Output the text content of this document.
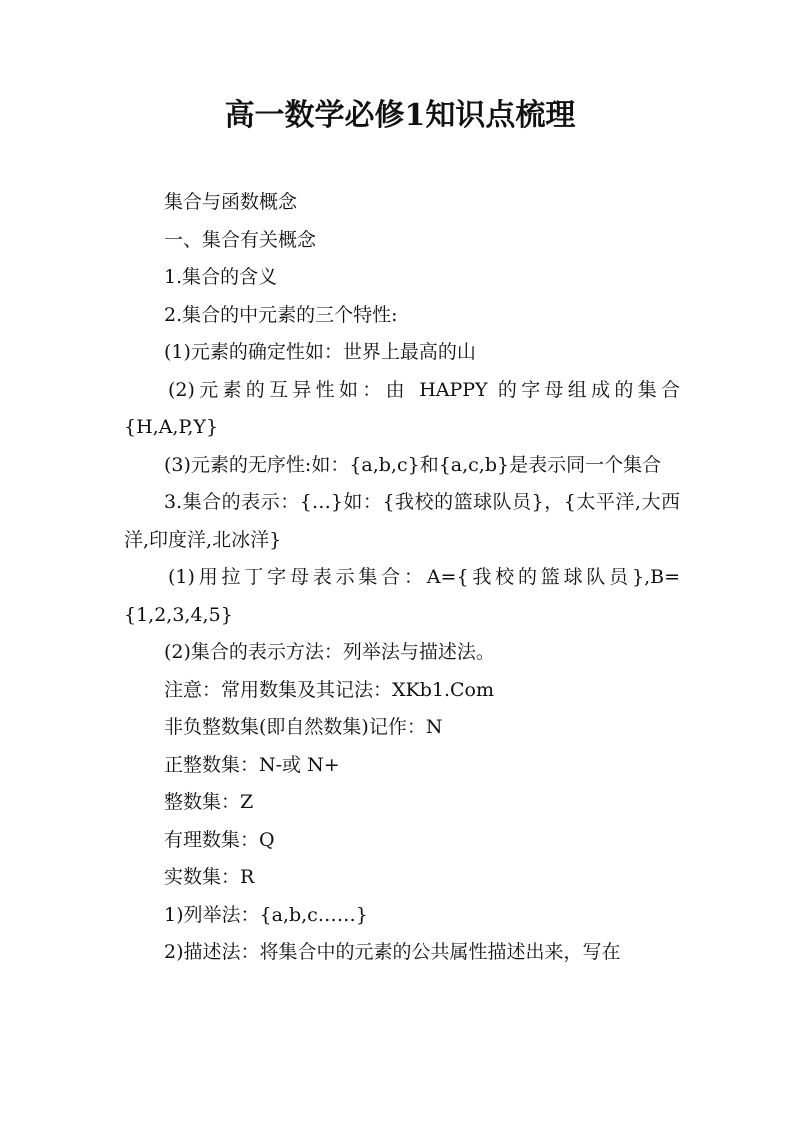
高一数学必修1知识点梳理

集合与函数概念

一、集合有关概念

1.集合的含义

2.集合的中元素的三个特性:

(1)元素的确定性如：世界上最高的山

(2)元素的互异性如：由 HAPPY 的字母组成的集合{H,A,P,Y}

(3)元素的无序性:如：{a,b,c}和{a,c,b}是表示同一个集合

3.集合的表示：{…}如：{我校的篮球队员}，{太平洋,大西洋,印度洋,北冰洋}

(1)用拉丁字母表示集合：A={我校的篮球队员},B={1,2,3,4,5}

(2)集合的表示方法：列举法与描述法。

注意：常用数集及其记法：XKb1.Com

非负整数集(即自然数集)记作：N

正整数集：N-或 N+

整数集：Z

有理数集：Q

实数集：R

1)列举法：{a,b,c……}

2)描述法：将集合中的元素的公共属性描述出来，写在
